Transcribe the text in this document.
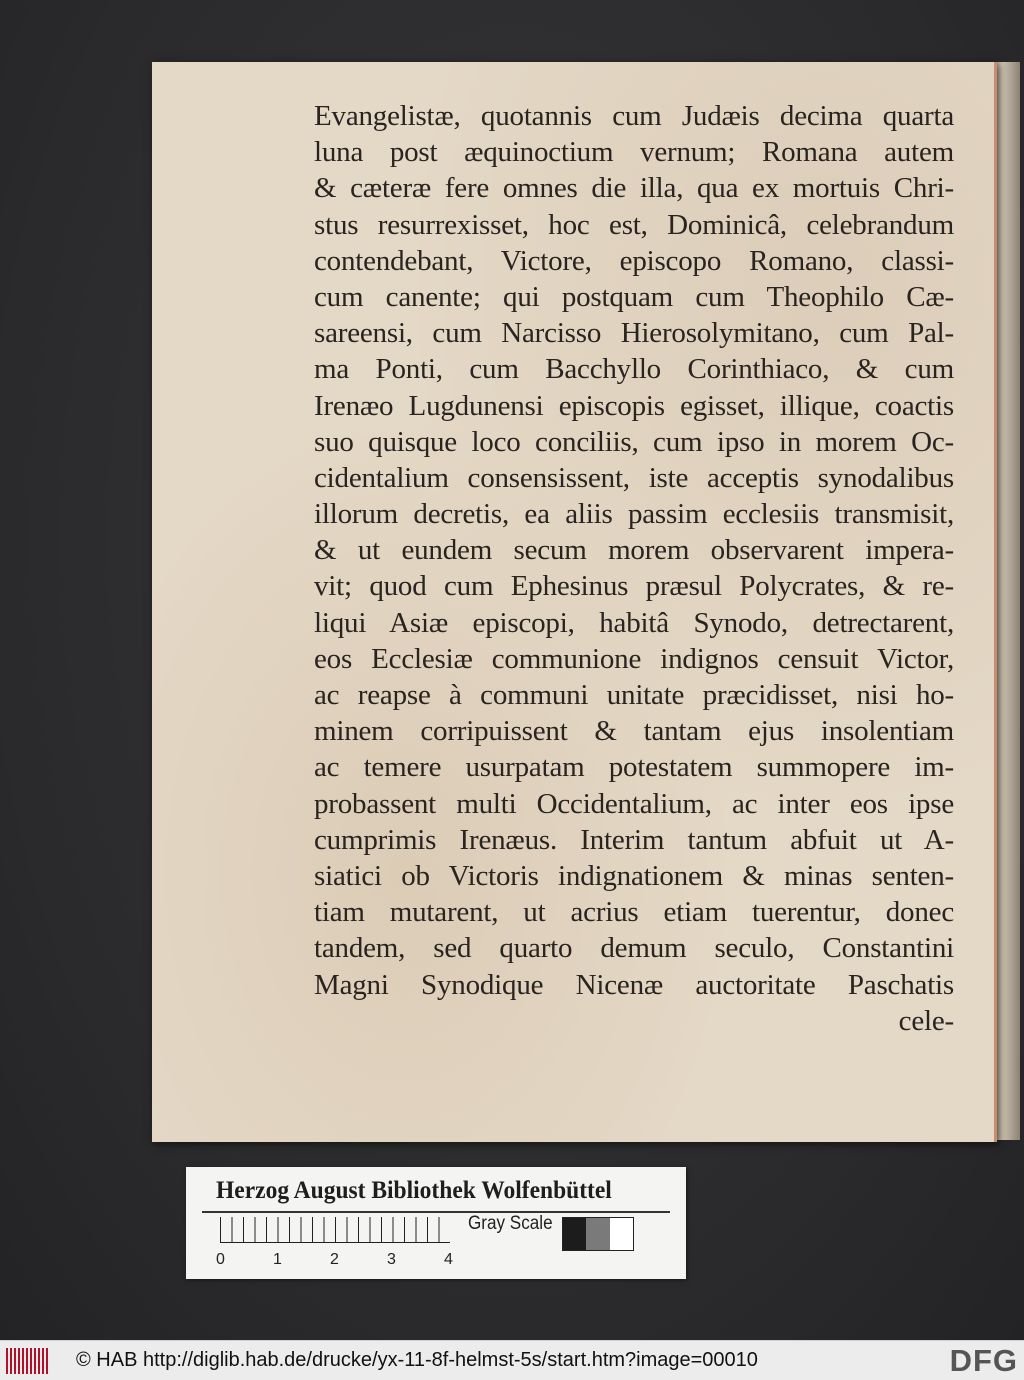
Evangelistæ, quotannis cum Judæis decima quarta
luna post æquinoctium vernum; Romana autem
& cæteræ fere omnes die illa, qua ex mortuis Chri-
stus resurrexisset, hoc est, Dominicâ, celebrandum
contendebant, Victore, episcopo Romano, classi-
cum canente; qui postquam cum Theophilo Cæ-
sareensi, cum Narcisso Hierosolymitano, cum Pal-
ma Ponti, cum Bacchyllo Corinthiaco, & cum
Irenæo Lugdunensi episcopis egisset, illique, coactis
suo quisque loco conciliis, cum ipso in morem Oc-
cidentalium consensissent, iste acceptis synodalibus
illorum decretis, ea aliis passim ecclesiis transmisit,
& ut eundem secum morem observarent impera-
vit; quod cum Ephesinus præsul Polycrates, & re-
liqui Asiæ episcopi, habitâ Synodo, detrectarent,
eos Ecclesiæ communione indignos censuit Victor,
ac reapse à communi unitate præcidisset, nisi ho-
minem corripuissent & tantam ejus insolentiam
ac temere usurpatam potestatem summopere im-
probassent multi Occidentalium, ac inter eos ipse
cumprimis Irenæus. Interim tantum abfuit ut A-
siatici ob Victoris indignationem & minas senten-
tiam mutarent, ut acrius etiam tuerentur, donec
tandem, sed quarto demum seculo, Constantini
Magni Synodique Nicenæ auctoritate Paschatis
cele-
Herzog August Bibliothek Wolfenbüttel
0	1	2	3	4
Gray Scale
© HAB http://diglib.hab.de/drucke/yx-11-8f-helmst-5s/start.htm?image=00010	DFG
